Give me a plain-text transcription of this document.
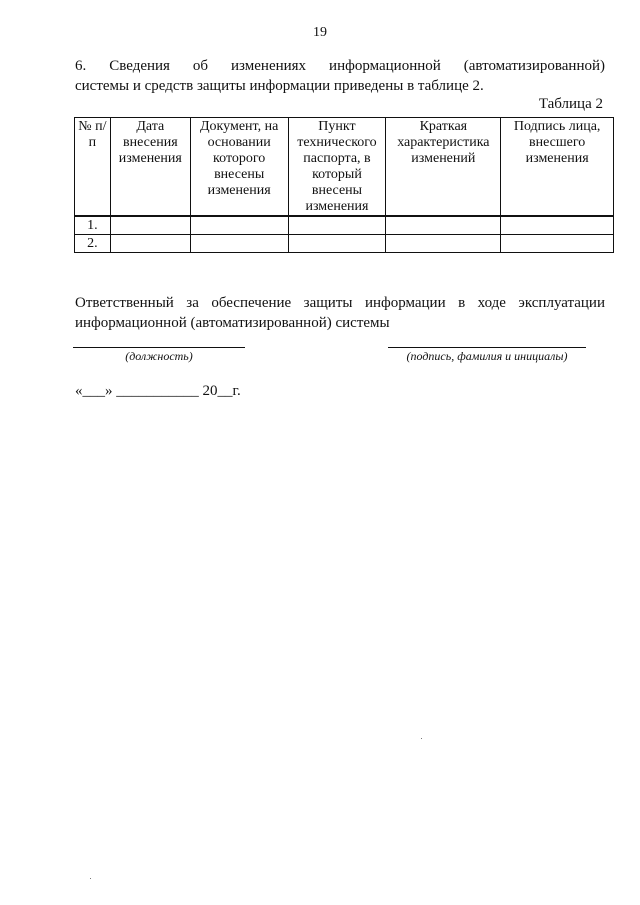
19
6. Сведения об изменениях информационной (автоматизированной)
системы и средств защиты информации приведены в таблице 2.
Таблица 2
№ п/п	Дата внесения изменения	Документ, на основании которого внесены изменения	Пункт технического паспорта, в который внесены изменения	Краткая характеристика изменений	Подпись лица, внесшего изменения
1.					
2.					
Ответственный за обеспечение защиты информации в ходе эксплуатации
информационной (автоматизированной) системы
(должность)	(подпись, фамилия и инициалы)
«___» ___________ 20__г.
